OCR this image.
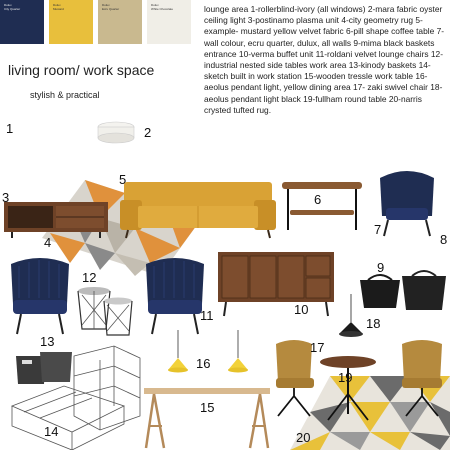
Dulux
City Quarter
Dulux
Mustard
Dulux
Ecru Quarter
Dulux
White Chocolate
living room/ work space
stylish & practical
lounge area 1-rollerblind-ivory (all windows) 2-mara fabric oyster ceiling light 3-postinamo plasma unit 4-city geometry rug 5-example- mustard yellow velvet fabric 6-pill shape coffee table 7-wall colour, ecru quarter, dulux, all walls 9-mima black baskets entrance 10-verma buffet unit 11-roldani velvet lounge chairs 12-industrial nested side tables work area 13-kinody baskets 14- sketch built in work station 15-wooden tressle work table 16-aeolus pendant light, yellow dining area 17- zaki swivel chair 18- aeolus pendant light black 19-fullham round table 20-narris crysted tufted rug.
1	2
3
4
5
6
7
8
9
10
11
12
13
14
15
16
17
18
19
20
